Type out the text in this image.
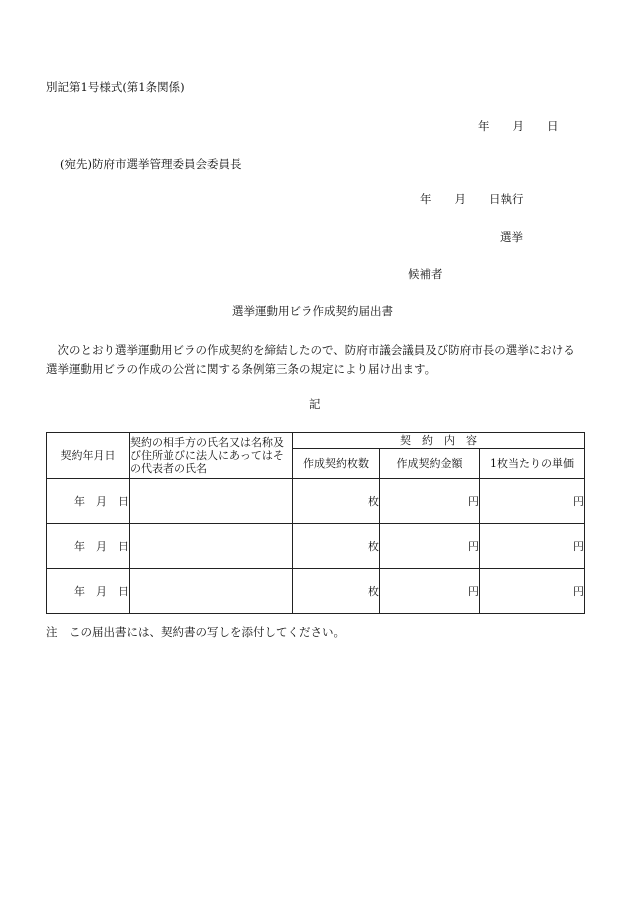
別記第1号様式(第1条関係)
年　　月　　日
(宛先)防府市選挙管理委員会委員長
年　　月　　日執行
選挙
候補者
選挙運動用ビラ作成契約届出書
　次のとおり選挙運動用ビラの作成契約を締結したので、防府市議会議員及び防府市長の選挙における選挙運動用ビラの作成の公営に関する条例第三条の規定により届け出ます。
記
契約年月日	契約の相手方の氏名又は名称及び住所並びに法人にあってはその代表者の氏名	契　約　内　容		
		作成契約枚数	作成契約金額	1枚当たりの単価
年　月　日		枚	円	円
年　月　日		枚	円	円
年　月　日		枚	円	円
注　この届出書には、契約書の写しを添付してください。
